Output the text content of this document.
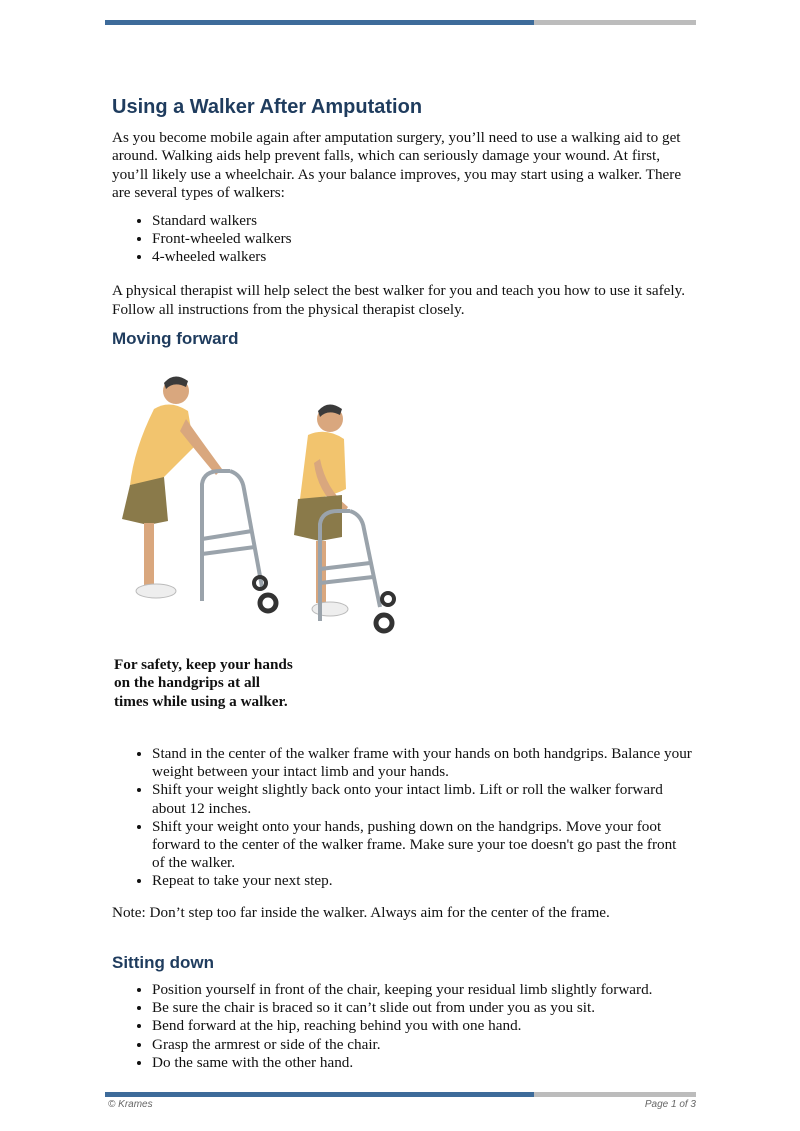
Using a Walker After Amputation

As you become mobile again after amputation surgery, you’ll need to use a walking aid to get around. Walking aids help prevent falls, which can seriously damage your wound. At first, you’ll likely use a wheelchair. As your balance improves, you may start using a walker. There are several types of walkers:

• Standard walkers
• Front-wheeled walkers
• 4-wheeled walkers

A physical therapist will help select the best walker for you and teach you how to use it safely. Follow all instructions from the physical therapist closely.

Moving forward
For safety, keep your hands on the handgrips at all times while using a walker.
• Stand in the center of the walker frame with your hands on both handgrips. Balance your weight between your intact limb and your hands.
• Shift your weight slightly back onto your intact limb. Lift or roll the walker forward about 12 inches.
• Shift your weight onto your hands, pushing down on the handgrips. Move your foot forward to the center of the walker frame. Make sure your toe doesn't go past the front of the walker.
• Repeat to take your next step.

Note: Don’t step too far inside the walker. Always aim for the center of the frame.

Sitting down
• Position yourself in front of the chair, keeping your residual limb slightly forward.
• Be sure the chair is braced so it can’t slide out from under you as you sit.
• Bend forward at the hip, reaching behind you with one hand.
• Grasp the armrest or side of the chair.
• Do the same with the other hand.
© Krames	Page 1 of 3
